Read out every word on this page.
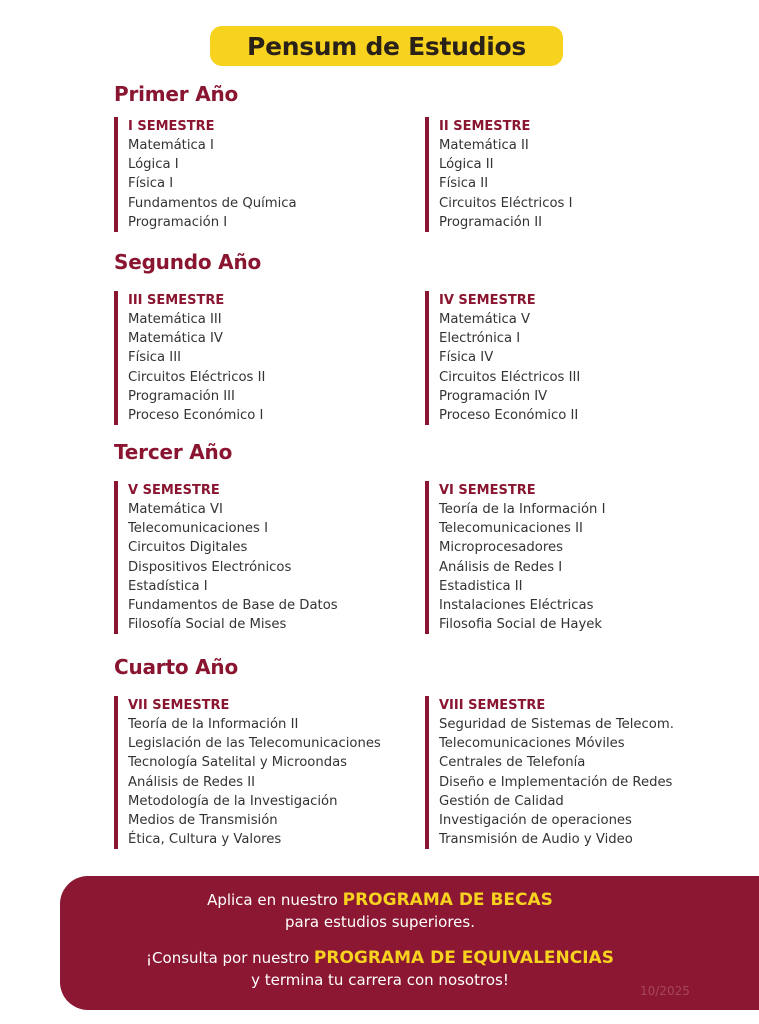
Pensum de Estudios
Primer Año
Segundo Año
Tercer Año
Cuarto Año
I SEMESTRE
Matemática I
Lógica I
Física I
Fundamentos de Química
Programación I
II SEMESTRE
Matemática II
Lógica II
Física II
Circuitos Eléctricos I
Programación II
III SEMESTRE
Matemática III
Matemática IV
Física III
Circuitos Eléctricos II
Programación III
Proceso Económico I
IV SEMESTRE
Matemática V
Electrónica I
Física IV
Circuitos Eléctricos III
Programación IV
Proceso Económico II
V SEMESTRE
Matemática VI
Telecomunicaciones I
Circuitos Digitales
Dispositivos Electrónicos
Estadística I
Fundamentos de Base de Datos
Filosofía Social de Mises
VI SEMESTRE
Teoría de la Información I
Telecomunicaciones II
Microprocesadores
Análisis de Redes I
Estadistica II
Instalaciones Eléctricas
Filosofia Social de Hayek
VII SEMESTRE
Teoría de la Información II
Legislación de las Telecomunicaciones
Tecnología Satelital y Microondas
Análisis de Redes II
Metodología de la Investigación
Medios de Transmisión
Ética, Cultura y Valores
VIII SEMESTRE
Seguridad de Sistemas de Telecom.
Telecomunicaciones Móviles
Centrales de Telefonía
Diseño e Implementación de Redes
Gestión de Calidad
Investigación de operaciones
Transmisión de Audio y Video
Aplica en nuestro PROGRAMA DE BECAS
para estudios superiores.
¡Consulta por nuestro PROGRAMA DE EQUIVALENCIAS
y termina tu carrera con nosotros!
10/2025
